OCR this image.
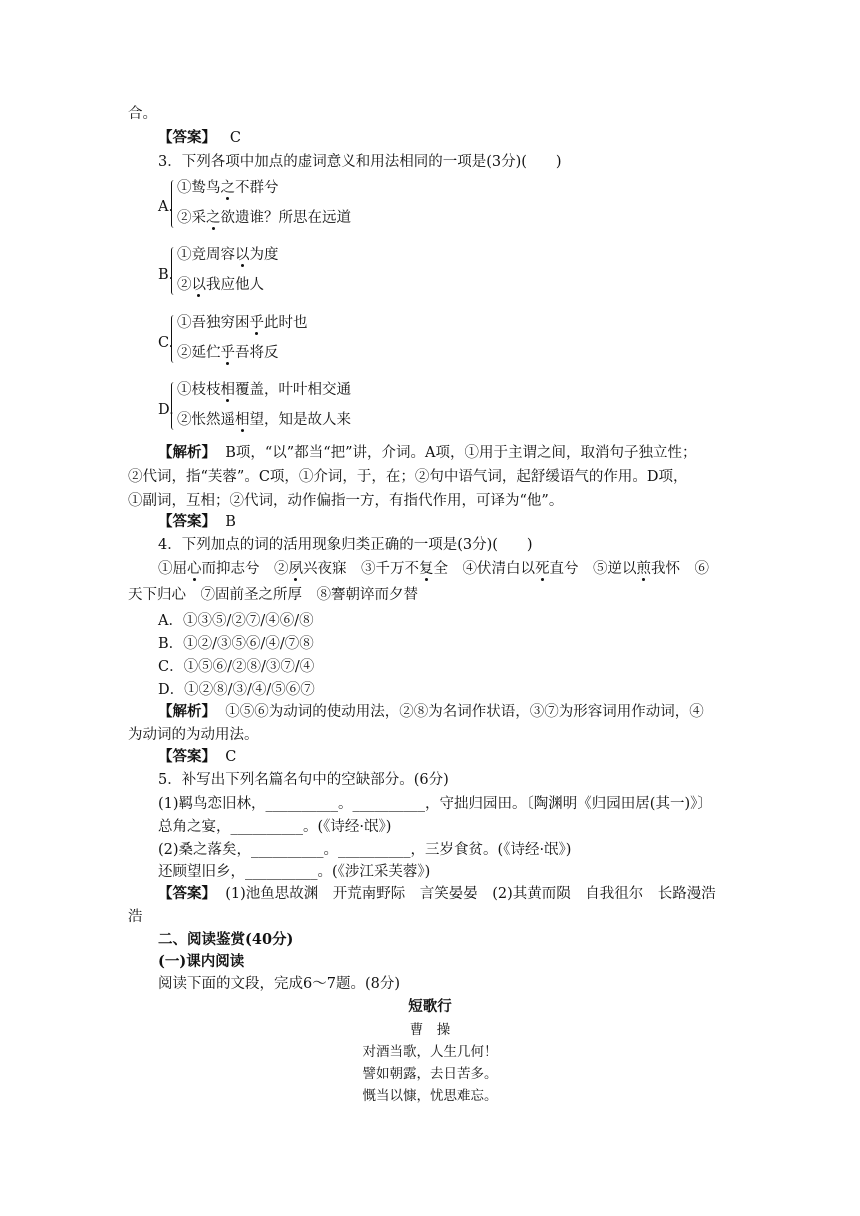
合。
【答案】 C
3．下列各项中加点的虚词意义和用法相同的一项是(3分)(　　)
A.
①鸷鸟之不群兮
②采之欲遗谁？所思在远道
B.
①竞周容以为度
②以我应他人
C.
①吾独穷困乎此时也
②延伫乎吾将反
D.
①枝枝相覆盖，叶叶相交通
②怅然遥相望，知是故人来
【解析】 B项，“以”都当“把”讲，介词。A项，①用于主谓之间，取消句子独立性；
②代词，指“芙蓉”。C项，①介词，于，在；②句中语气词，起舒缓语气的作用。D项，
①副词，互相；②代词，动作偏指一方，有指代作用，可译为“他”。
【答案】 B
4．下列加点的词的活用现象归类正确的一项是(3分)(　　)
①屈心而抑志兮　②夙兴夜寐　③千万不复全　④伏清白以死直兮　⑤逆以煎我怀　⑥
天下归心　⑦固前圣之所厚　⑧謇朝谇而夕替
A．①③⑤/②⑦/④⑥/⑧
B．①②/③⑤⑥/④/⑦⑧
C．①⑤⑥/②⑧/③⑦/④
D．①②⑧/③/④/⑤⑥⑦
【解析】 ①⑤⑥为动词的使动用法，②⑧为名词作状语，③⑦为形容词用作动词，④
为动词的为动用法。
【答案】 C
5．补写出下列名篇名句中的空缺部分。(6分)
(1)羁鸟恋旧林，__________。__________，守拙归园田。〔陶渊明《归园田居(其一)》〕
总角之宴，__________。(《诗经·氓》)
(2)桑之落矣，__________。__________，三岁食贫。(《诗经·氓》)
还顾望旧乡，__________。(《涉江采芙蓉》)
【答案】 (1)池鱼思故渊　开荒南野际　言笑晏晏　(2)其黄而陨　自我徂尔　长路漫浩
浩
二、阅读鉴赏(40分)
(一)课内阅读
阅读下面的文段，完成6～7题。(8分)
短歌行
曹　操
对酒当歌，人生几何！
譬如朝露，去日苦多。
慨当以慷，忧思难忘。
